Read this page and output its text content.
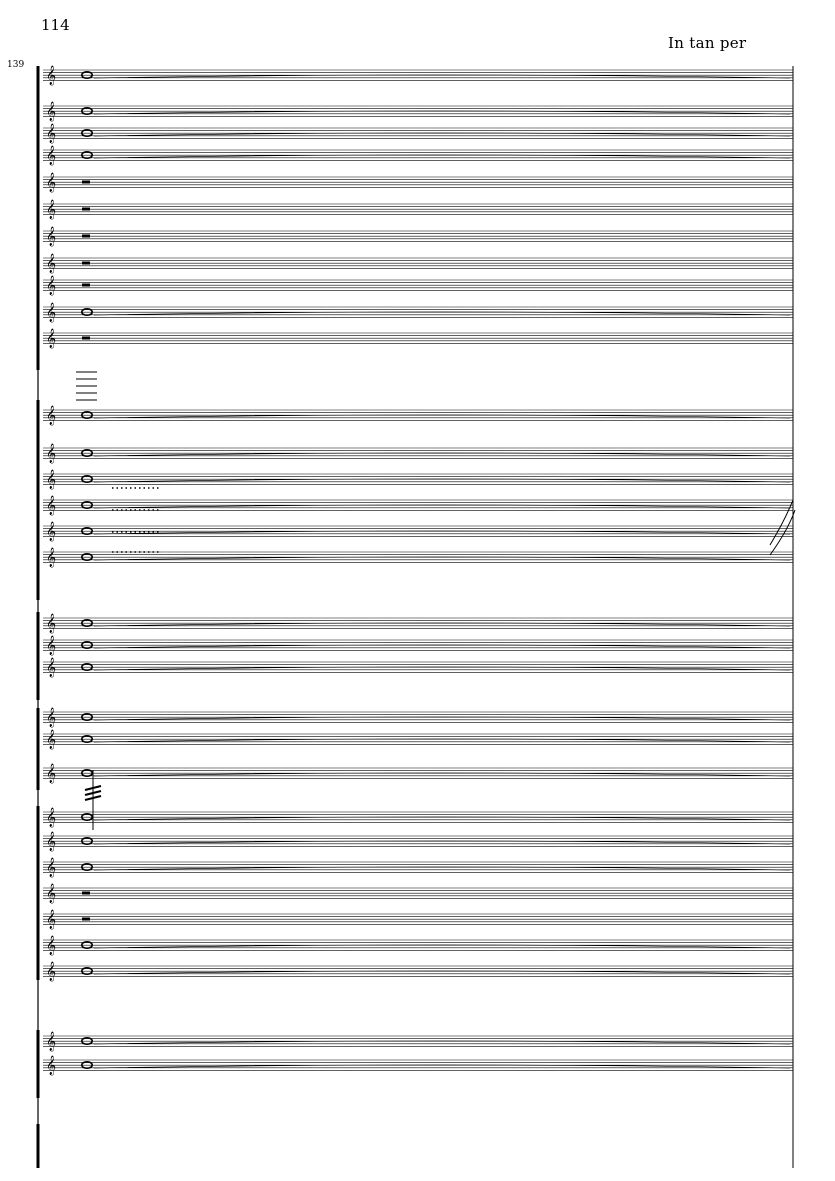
114
In tan per
139
𝄞
𝄞
𝄞
𝄞
𝄞
𝄞
𝄞
𝄞
𝄞
𝄞
𝄞
𝄞
𝄞
𝄞
𝄞
𝄞
𝄞
𝄞
𝄞
𝄞
𝄞
𝄞
𝄞
𝄞
𝄞
𝄞
𝄞
𝄞
𝄞
𝄞
𝄞
𝄞
